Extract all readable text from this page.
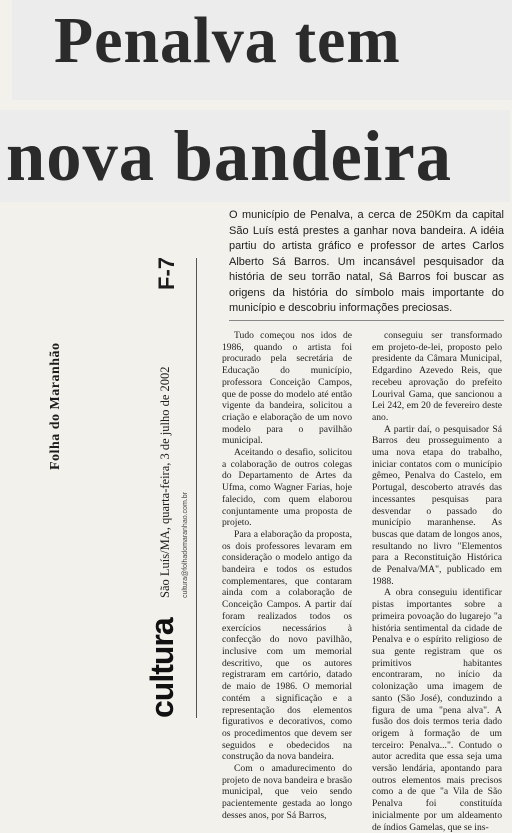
Penalva tem
nova bandeira

O município de Penalva, a cerca de 250Km da capital São Luís está prestes a ganhar nova bandeira. A idéia partiu do artista gráfico e professor de artes Carlos Alberto Sá Barros. Um incansável pesquisador da história de seu torrão natal, Sá Barros foi buscar as origens da história do símbolo mais importante do município e descobriu informações preciosas.

Folha do Maranhão
F-7
São Luís/MA, quarta-feira, 3 de julho de 2002 cultura@folhadomaranhao.com.br
cultura

Tudo começou nos idos de 1986, quando o artista foi procurado pela secretária de Educação do município, professora Conceição Campos, que de posse do modelo até então vigente da bandeira, solicitou a criação e elaboração de um novo modelo para o pavilhão municipal.

Aceitando o desafio, solicitou a colaboração de outros colegas do Departamento de Artes da Ufma, como Wagner Farias, hoje falecido, com quem elaborou conjuntamente uma proposta de projeto.

Para a elaboração da proposta, os dois professores levaram em consideração o modelo antigo da bandeira e todos os estudos complementares, que contaram ainda com a colaboração de Conceição Campos. A partir daí foram realizados todos os exercícios necessários à confecção do novo pavilhão, inclusive com um memorial descritivo, que os autores registraram em cartório, datado de maio de 1986. O memorial contém a significação e a representação dos elementos figurativos e decorativos, como os procedimentos que devem ser seguidos e obedecidos na construção da nova bandeira.

Com o amadurecimento do projeto de nova bandeira e brasão municipal, que veio sendo pacientemente gestada ao longo desses anos, por Sá Barros,

conseguiu ser transformado em projeto-de-lei, proposto pelo presidente da Câmara Municipal, Edgardino Azevedo Reis, que recebeu aprovação do prefeito Lourival Gama, que sancionou a Lei 242, em 20 de fevereiro deste ano.

A partir daí, o pesquisador Sá Barros deu prosseguimento a uma nova etapa do trabalho, iniciar contatos com o município gêmeo, Penalva do Castelo, em Portugal, descoberto através das incessantes pesquisas para desvendar o passado do município maranhense. As buscas que datam de longos anos, resultando no livro "Elementos para a Reconstituição Histórica de Penalva/MA", publicado em 1988.

A obra conseguiu identificar pistas importantes sobre a primeira povoação do lugarejo "a história sentimental da cidade de Penalva e o espírito religioso de sua gente registram que os primitivos habitantes encontraram, no início da colonização uma imagem de santo (São José), conduzindo a figura de uma "pena alva". A fusão dos dois termos teria dado origem à formação de um terceiro: Penalva...". Contudo o autor acredita que essa seja uma versão lendária, apontando para outros elementos mais precisos como a de que "a Vila de São Penalva foi constituída inicialmente por um aldeamento de índios Gamelas, que se ins-
